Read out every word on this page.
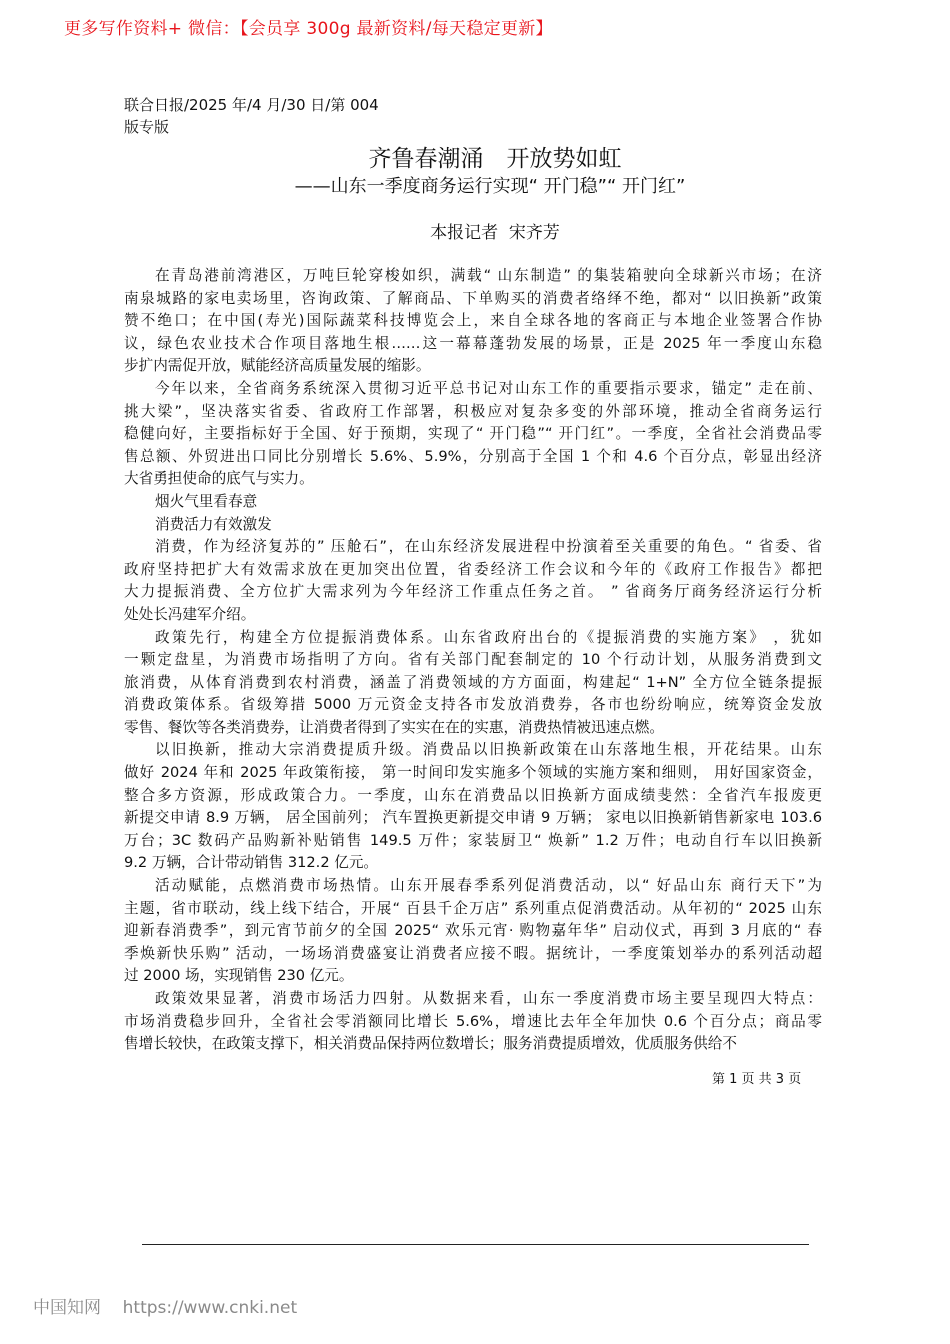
更多写作资料+ 微信：【会员享 300g 最新资料/每天稳定更新】
联合日报/2025 年/4 月/30 日/第 004
版专版
齐鲁春潮涌　开放势如虹
——山东一季度商务运行实现“ 开门稳”“ 开门红”
本报记者  宋齐芳
在青岛港前湾港区，万吨巨轮穿梭如织，满载“ 山东制造” 的集装箱驶向全球新兴市场；在济
南泉城路的家电卖场里，咨询政策、了解商品、下单购买的消费者络绎不绝，都对“ 以旧换新”政策
赞不绝口；在中国(寿光)国际蔬菜科技博览会上，来自全球各地的客商正与本地企业签署合作协
议，绿色农业技术合作项目落地生根……这一幕幕蓬勃发展的场景，正是 2025 年一季度山东稳
步扩内需促开放，赋能经济高质量发展的缩影。
今年以来，全省商务系统深入贯彻习近平总书记对山东工作的重要指示要求，锚定” 走在前、
挑大梁”，坚决落实省委、省政府工作部署，积极应对复杂多变的外部环境，推动全省商务运行
稳健向好，主要指标好于全国、好于预期，实现了“ 开门稳”“ 开门红”。一季度，全省社会消费品零
售总额、外贸进出口同比分别增长 5.6%、5.9%，分别高于全国 1 个和 4.6 个百分点，彰显出经济
大省勇担使命的底气与实力。
烟火气里看春意
消费活力有效激发
消费，作为经济复苏的” 压舱石”，在山东经济发展进程中扮演着至关重要的角色。“ 省委、省
政府坚持把扩大有效需求放在更加突出位置，省委经济工作会议和今年的《政府工作报告》都把
大力提振消费、全方位扩大需求列为今年经济工作重点任务之首。 ” 省商务厅商务经济运行分析
处处长冯建军介绍。
政策先行，构建全方位提振消费体系。山东省政府出台的《提振消费的实施方案》 ，犹如
一颗定盘星，为消费市场指明了方向。省有关部门配套制定的 10 个行动计划，从服务消费到文
旅消费，从体育消费到农村消费，涵盖了消费领域的方方面面，构建起“ 1+N” 全方位全链条提振
消费政策体系。省级筹措 5000 万元资金支持各市发放消费券，各市也纷纷响应，统筹资金发放
零售、餐饮等各类消费券，让消费者得到了实实在在的实惠，消费热情被迅速点燃。
以旧换新，推动大宗消费提质升级。消费品以旧换新政策在山东落地生根，开花结果。山东
做好 2024 年和 2025 年政策衔接， 第一时间印发实施多个领域的实施方案和细则， 用好国家资金，
整合多方资源，形成政策合力。一季度，山东在消费品以旧换新方面成绩斐然：全省汽车报废更
新提交申请 8.9 万辆， 居全国前列； 汽车置换更新提交申请 9 万辆； 家电以旧换新销售新家电 103.6
万台；3C 数码产品购新补贴销售 149.5 万件；家装厨卫“ 焕新” 1.2 万件；电动自行车以旧换新
9.2 万辆，合计带动销售 312.2 亿元。
活动赋能，点燃消费市场热情。山东开展春季系列促消费活动，以“ 好品山东 商行天下”为
主题，省市联动，线上线下结合，开展“ 百县千企万店” 系列重点促消费活动。从年初的“ 2025 山东
迎新春消费季”，到元宵节前夕的全国 2025“ 欢乐元宵· 购物嘉年华” 启动仪式，再到 3 月底的“ 春
季焕新快乐购” 活动，一场场消费盛宴让消费者应接不暇。据统计，一季度策划举办的系列活动超
过 2000 场，实现销售 230 亿元。
政策效果显著，消费市场活力四射。从数据来看，山东一季度消费市场主要呈现四大特点：
市场消费稳步回升，全省社会零消额同比增长 5.6%，增速比去年全年加快 0.6 个百分点；商品零
售增长较快，在政策支撑下，相关消费品保持两位数增长；服务消费提质增效，优质服务供给不
第 1 页 共 3 页
中国知网 https://www.cnki.net
